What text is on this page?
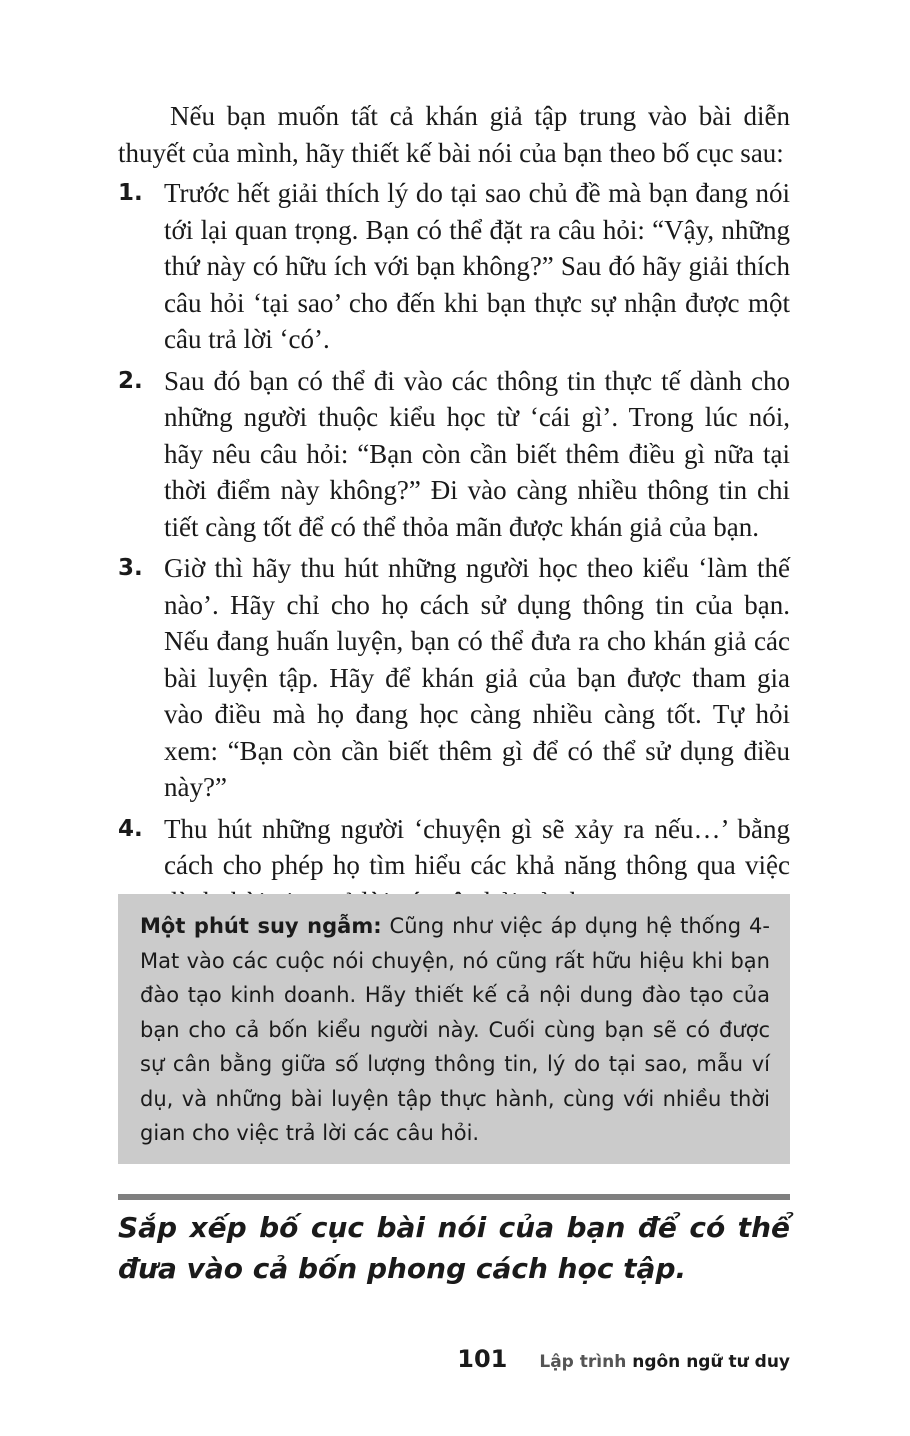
Nếu bạn muốn tất cả khán giả tập trung vào bài diễn thuyết của mình, hãy thiết kế bài nói của bạn theo bố cục sau:

1. Trước hết giải thích lý do tại sao chủ đề mà bạn đang nói tới lại quan trọng. Bạn có thể đặt ra câu hỏi: “Vậy, những thứ này có hữu ích với bạn không?” Sau đó hãy giải thích câu hỏi ‘tại sao’ cho đến khi bạn thực sự nhận được một câu trả lời ‘có’.
2. Sau đó bạn có thể đi vào các thông tin thực tế dành cho những người thuộc kiểu học từ ‘cái gì’. Trong lúc nói, hãy nêu câu hỏi: “Bạn còn cần biết thêm điều gì nữa tại thời điểm này không?” Đi vào càng nhiều thông tin chi tiết càng tốt để có thể thỏa mãn được khán giả của bạn.
3. Giờ thì hãy thu hút những người học theo kiểu ‘làm thế nào’. Hãy chỉ cho họ cách sử dụng thông tin của bạn. Nếu đang huấn luyện, bạn có thể đưa ra cho khán giả các bài luyện tập. Hãy để khán giả của bạn được tham gia vào điều mà họ đang học càng nhiều càng tốt. Tự hỏi xem: “Bạn còn cần biết thêm gì để có thể sử dụng điều này?”
4. Thu hút những người ‘chuyện gì sẽ xảy ra nếu…’ bằng cách cho phép họ tìm hiểu các khả năng thông qua việc
Một phút suy ngẫm: Cũng như việc áp dụng hệ thống 4-Mat vào các cuộc nói chuyện, nó cũng rất hữu hiệu khi bạn đào tạo kinh doanh. Hãy thiết kế cả nội dung đào tạo của bạn cho cả bốn kiểu người này. Cuối cùng bạn sẽ có được sự cân bằng giữa số lượng thông tin, lý do tại sao, mẫu ví dụ, và những bài luyện tập thực hành, cùng với nhiều thời gian cho việc trả lời các câu hỏi.

Sắp xếp bố cục bài nói của bạn để có thể đưa vào cả bốn phong cách học tập.

101 Lập trình ngôn ngữ tư duy
